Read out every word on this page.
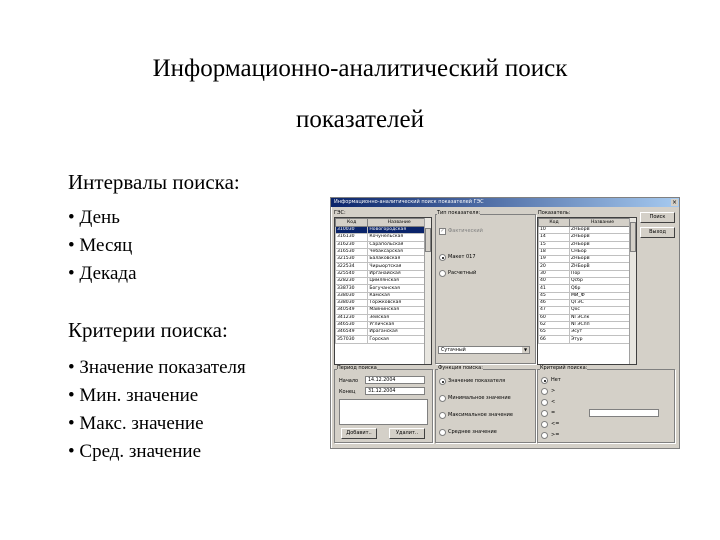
Информационно-аналитический поиск
показателей
Интервалы поиска:
• День
• Месяц
• Декада
Критерии поиска:
• Значение показателя
• Мин. значение
• Макс. значение
• Сред. значение
Информационно-аналитический поиск показателей ГЭС	×
ГЭС:
Код	Название
310030	Новогородская
316130	Кочунельская
316230	Сарапольская
316530	Чебаксарская
321530	Балаковская
322534	Чирьюртская
325540	Ирганайская
328230	Цимлянская
338730	Богучанская
338030	Камская
338030	Торжковская
340549	Майнинская
341230	Зейская
346530	Угличская
346549	Ираганская
357030	Горская
Тип показателя:
✓ Фактический
Макет 017
Расчетный
Сутачный	▼
Показатель:
Код	Название
10	ZHБорВ
14	ZHБорВ
15	ZHБорВ
18	СНБор
19	ZHБорВ
20	ZHБорВ
30	Пор
40	Qсбр
41	Qбр
45	МИ_Ф
46	QГЭС
47	Qхс
60	NГЭСлк
62	NГЭСпп
65	Эсут
66	Этур
Поиск
Выход
Период поиска
Начало	14.12.2004
Конец	31.12.2004
Добавит..	Удалит..
Функция поиска:
Значение показателя
Минимальное значение
Максимальное значение
Среднее значение
Критерий поиска:
Нет
>
<
=
<=
>=
